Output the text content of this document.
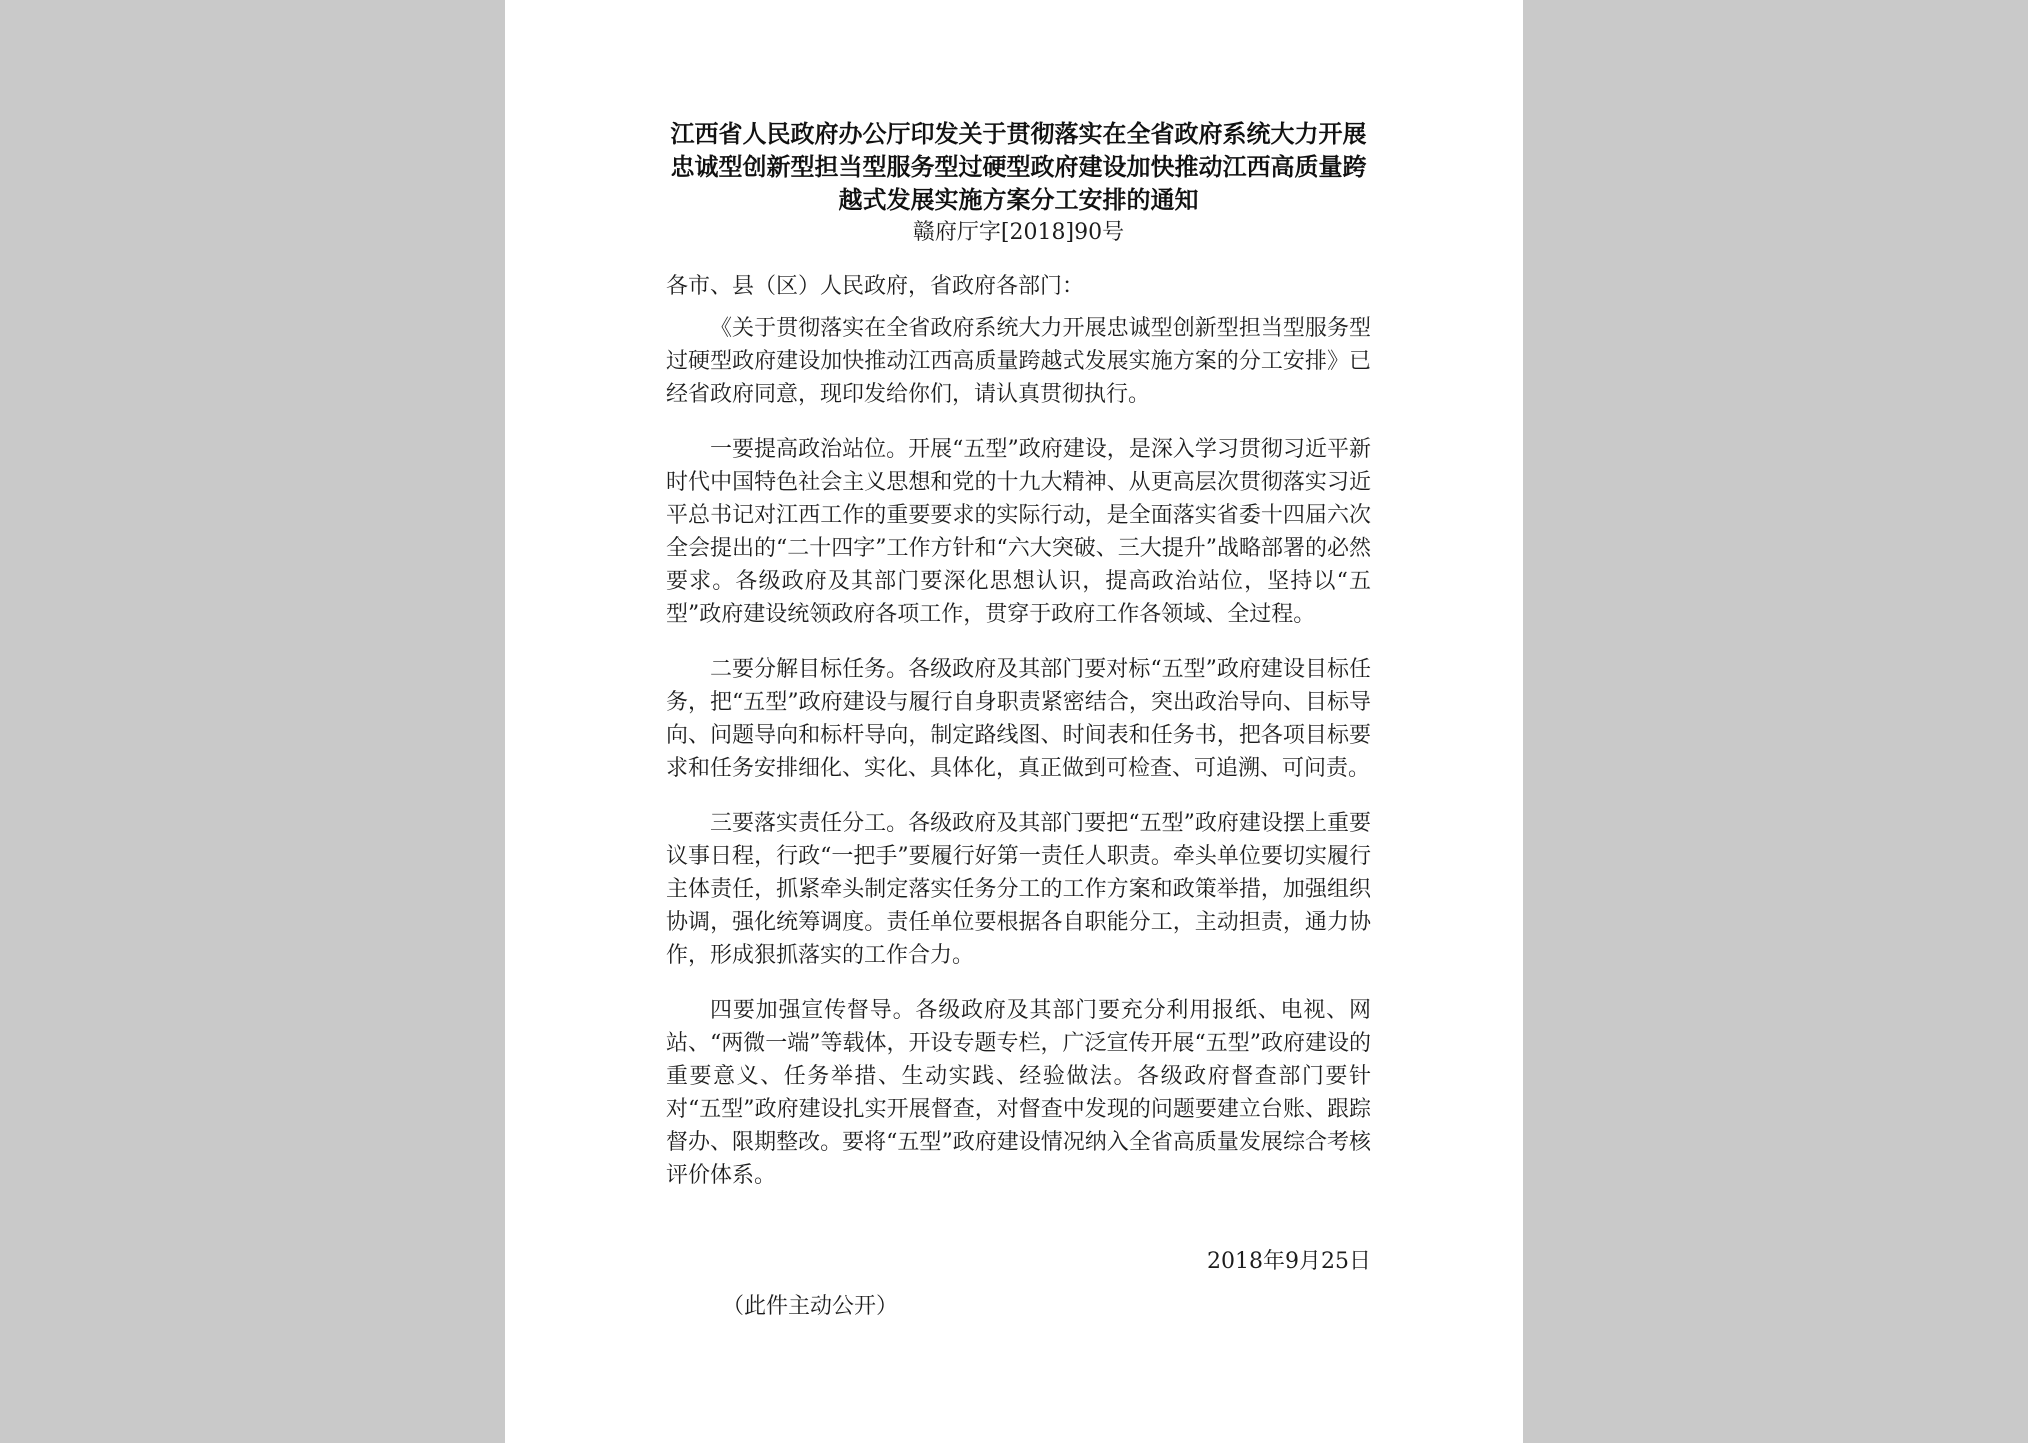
江西省人民政府办公厅印发关于贯彻落实在全省政府系统大力开展
忠诚型创新型担当型服务型过硬型政府建设加快推动江西高质量跨
越式发展实施方案分工安排的通知
赣府厅字[2018]90号
各市、县（区）人民政府，省政府各部门：

《关于贯彻落实在全省政府系统大力开展忠诚型创新型担当型服务型过硬型政府建设加快推动江西高质量跨越式发展实施方案的分工安排》已经省政府同意，现印发给你们，请认真贯彻执行。

一要提高政治站位。开展“五型”政府建设，是深入学习贯彻习近平新时代中国特色社会主义思想和党的十九大精神、从更高层次贯彻落实习近平总书记对江西工作的重要要求的实际行动，是全面落实省委十四届六次全会提出的“二十四字”工作方针和“六大突破、三大提升”战略部署的必然要求。各级政府及其部门要深化思想认识，提高政治站位，坚持以“五型”政府建设统领政府各项工作，贯穿于政府工作各领域、全过程。

二要分解目标任务。各级政府及其部门要对标“五型”政府建设目标任务，把“五型”政府建设与履行自身职责紧密结合，突出政治导向、目标导向、问题导向和标杆导向，制定路线图、时间表和任务书，把各项目标要求和任务安排细化、实化、具体化，真正做到可检查、可追溯、可问责。

三要落实责任分工。各级政府及其部门要把“五型”政府建设摆上重要议事日程，行政“一把手”要履行好第一责任人职责。牵头单位要切实履行主体责任，抓紧牵头制定落实任务分工的工作方案和政策举措，加强组织协调，强化统筹调度。责任单位要根据各自职能分工，主动担责，通力协作，形成狠抓落实的工作合力。

四要加强宣传督导。各级政府及其部门要充分利用报纸、电视、网站、“两微一端”等载体，开设专题专栏，广泛宣传开展“五型”政府建设的重要意义、任务举措、生动实践、经验做法。各级政府督查部门要针对“五型”政府建设扎实开展督查，对督查中发现的问题要建立台账、跟踪督办、限期整改。要将“五型”政府建设情况纳入全省高质量发展综合考核评价体系。

2018年9月25日
（此件主动公开）
